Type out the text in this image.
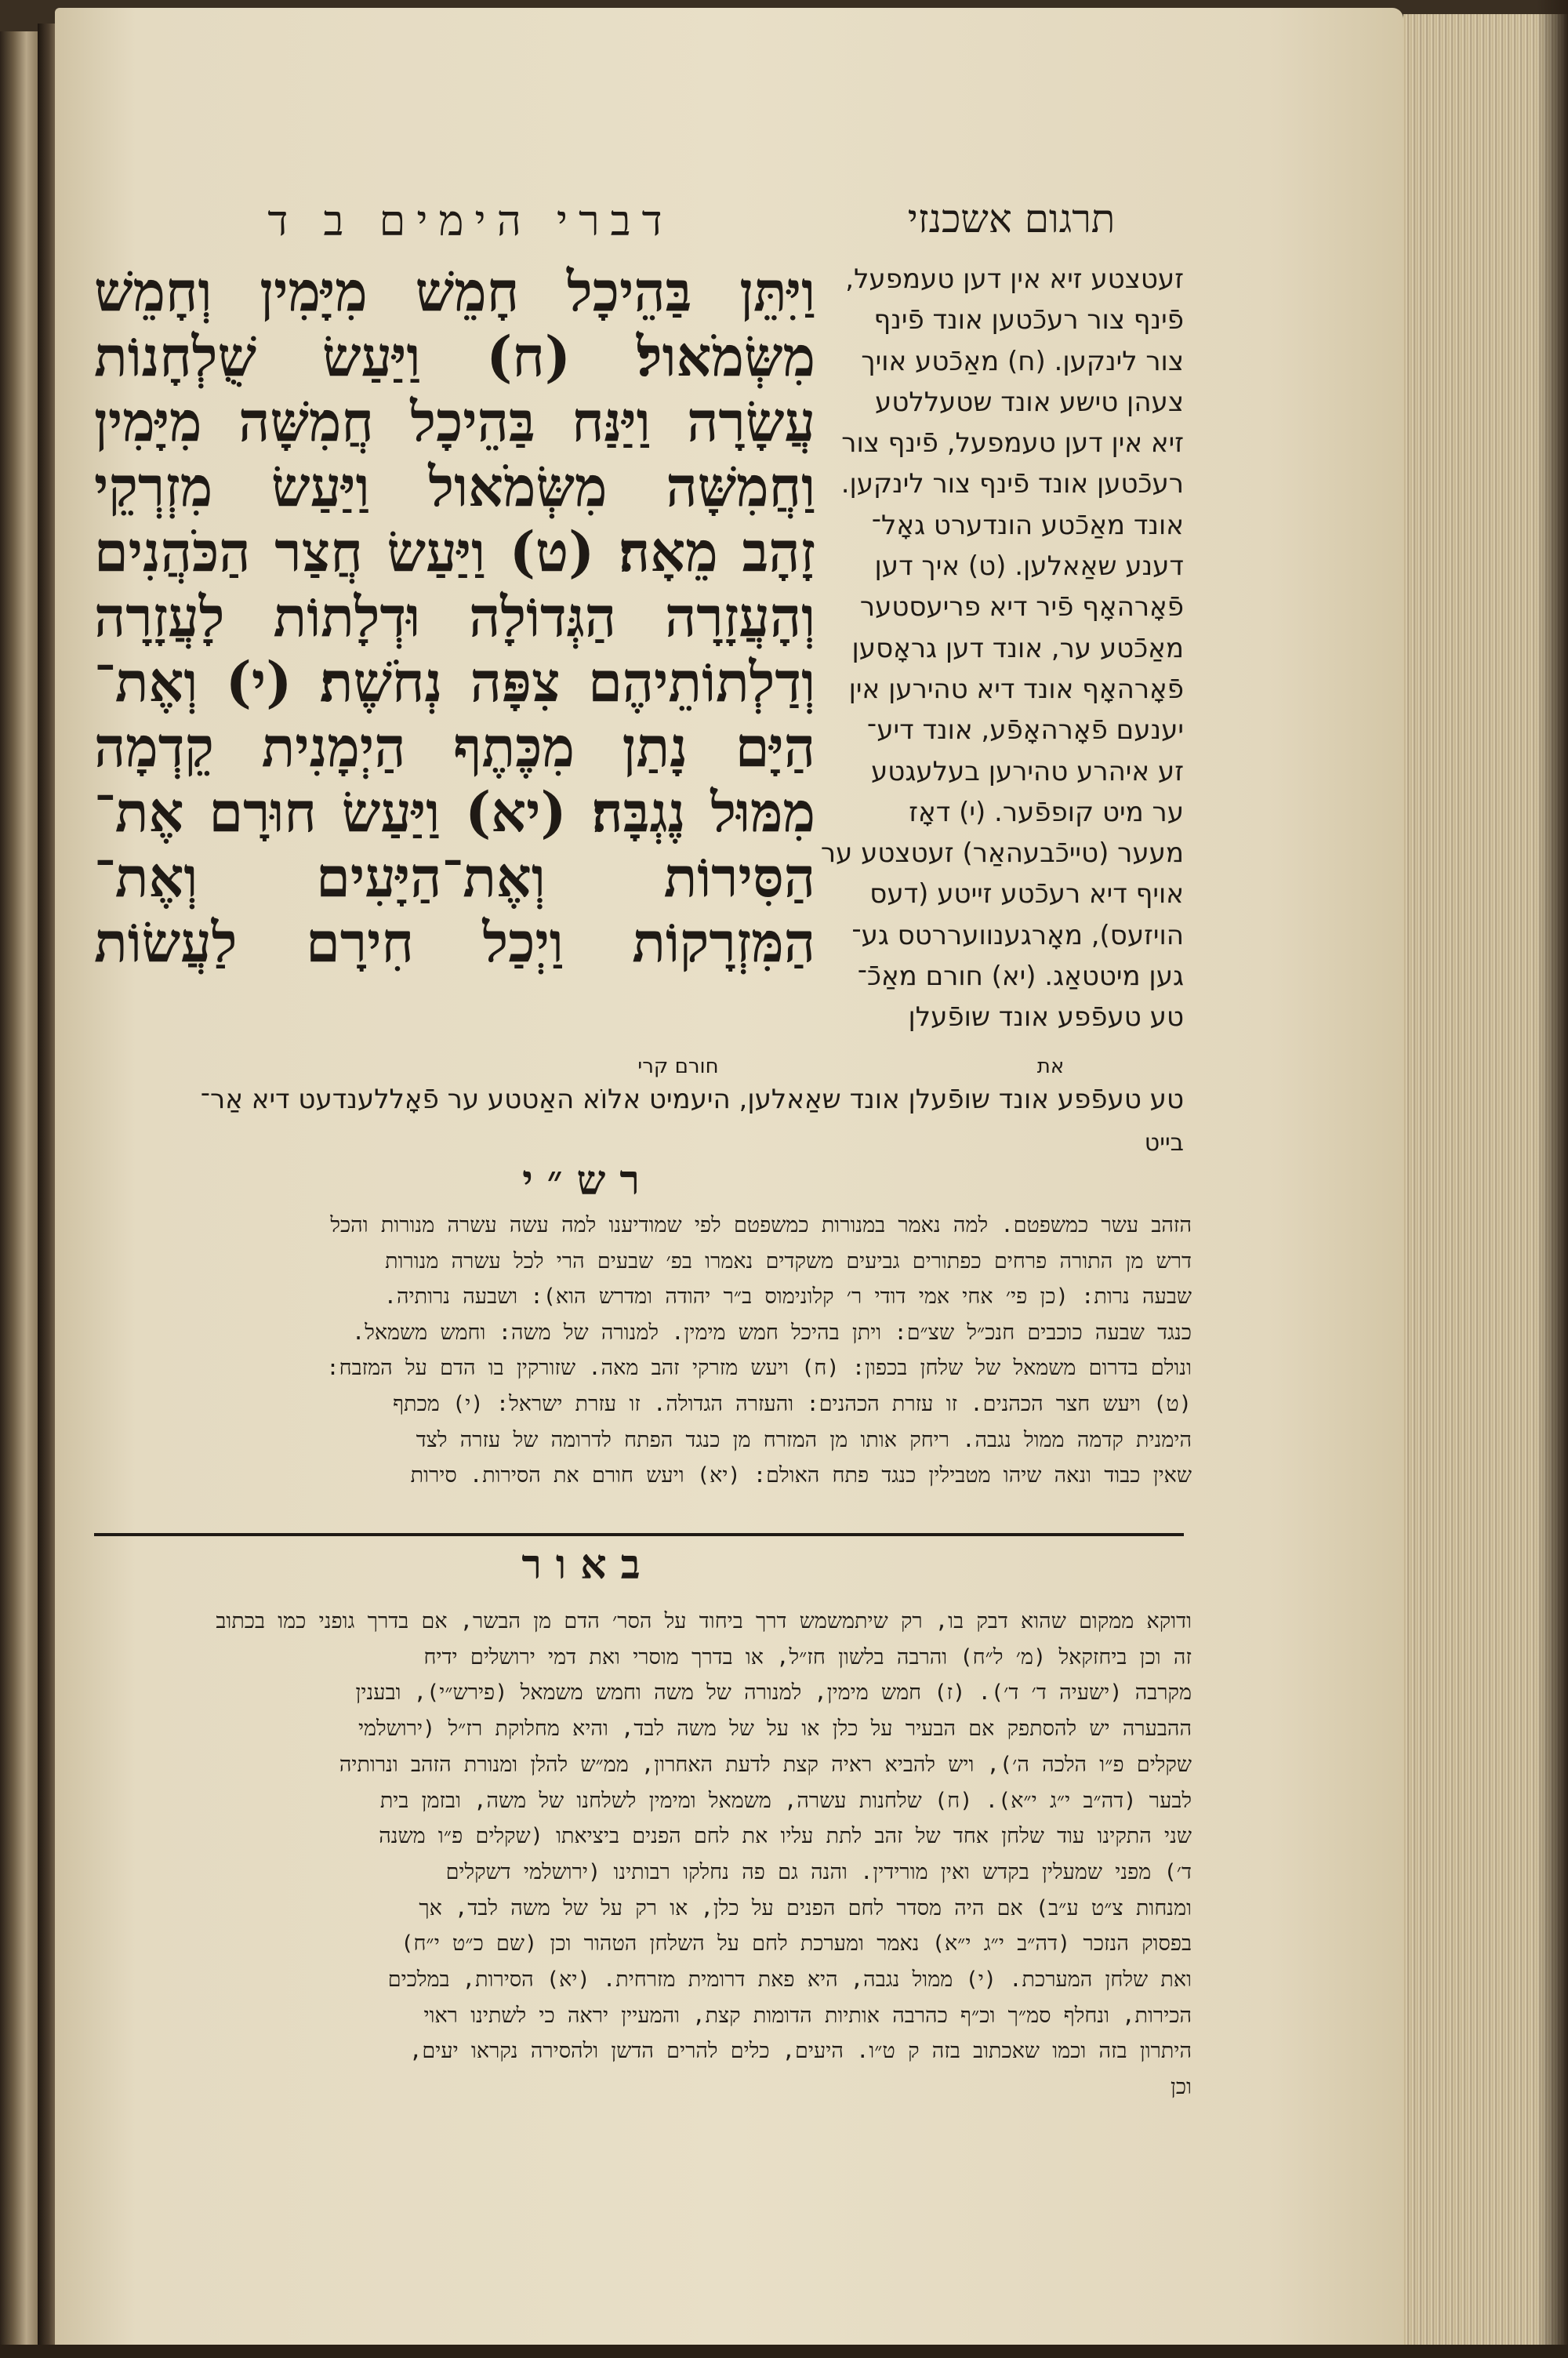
דברי הימים ב ד	תרגום אשכנזי
וַיִּתֵּן בַּהֵיכָל חָמֵשׁ מִיָּמִין וְחָמֵשׁ
מִשְּׂמֹאול׃ (ח) וַיַּעַשׂ שֻׁלְחָנוֹת
עֲשָׂרָה וַיַּנַּח בַּהֵיכָל חֲמִשָּׁה מִיָּמִין
וַחֲמִשָּׁה מִשְּׂמֹאול וַיַּעַשׂ מִזְרְקֵי
זָהָב מֵאָה׃ (ט) וַיַּעַשׂ חֲצַר הַכֹּהֲנִים
וְהָעֲזָרָה הַגְּדוֹלָה וּדְלָתוֹת לָעֲזָרָה
וְדַלְתוֹתֵיהֶם צִפָּה נְחֹשֶׁת׃ (י) וְאֶת־
הַיָּם נָתַן מִכֶּתֶף הַיְמָנִית קֵדְמָה
מִמּוּל נֶגְבָּה׃ (יא) וַיַּעַשׂ חוּרָם אֶת־
הַסִּירוֹת וְאֶת־הַיָּעִים וְאֶת־
הַמִּזְרָקוֹת וַיְכַל חִירָם לַעֲשׂוֹת
זעטצטע זיא אין דען טעמפעל,
פֿינף צור רעכֿטען אונד פֿינף
צור לינקען. (ח) מאַכֿטע אויך
צעהן טישע אונד שטעללטע
זיא אין דען טעמפעל, פֿינף צור
רעכֿטען אונד פֿינף צור לינקען.
אונד מאַכֿטע הונדערט גאָל־
דענע שאַאלען. (ט) איך דען
פֿאָרהאָף פֿיר דיא פריעסטער
מאַכֿטע ער, אונד דען גראָסען
פֿאָרהאָף אונד דיא טהירען אין
יענעם פֿאָרהאָפֿע, אונד דיע־
זע איהרע טהירען בעלעגטע
ער מיט קופפֿער. (י) דאָז
מעער (טייכֿבעהאַר) זעטצטע ער
אויף דיא רעכֿטע זייטע (דעס
הויזעס), מאָרגענוועררטס גע־
גען מיטטאַג. (יא) חורם מאַכֿ־
טע טעפֿפע אונד שופֿעלן
חורם קרי	את
טע טעפֿפע אונד שופֿעלן אונד שאַאלען, היעמיט אלוֹא האַטטע ער פֿאָללענדעט דיא אַר־
בייט
רש״י
הזהב עשר כמשפטם. למה נאמר במנורות כמשפטם לפי שמודיענו למה עשה עשרה מנורות והכל
דרש מן התורה פרחים כפתורים גביעים משקדים נאמרו בפ׳ שבעים הרי לכל עשרה מנורות
שבעה נרות: (כן פי׳ אחי אמי דודי ר׳ קלונימוס ב״ר יהודה ומדרש הוא): ושבעה נרותיה.
כנגד שבעה כוכבים חנכ״ל שצ״ם: ויתן בהיכל חמש מימין. למנורה של משה: וחמש משמאל.
ונולם בדרום משמאל של שלחן בכפון: (ח) ויעש מזרקי זהב מאה. שזורקין בו הדם על המזבח:
(ט) ויעש חצר הכהנים. זו עזרת הכהנים: והעזרה הגדולה. זו עזרת ישראל: (י) מכתף
הימנית קדמה ממול נגבה. ריחק אותו מן המזרח מן כנגד הפתח לדרומה של עזרה לצד
שאין כבוד ונאה שיהו מטבילין כנגד פתח האולם: (יא) ויעש חורם את הסירות. סירות
באור
ודוקא ממקום שהוא דבק בו, רק שיתמשמש דרך ביחוד על הסר׳ הדם מן הבשר, אם בדרך גופני כמו בכתוב
זה וכן ביחזקאל (מ׳ ל״ח) והרבה בלשון חז״ל, או בדרך מוסרי ואת דמי ירושלים ידיח
מקרבה (ישעיה ד׳ ד׳). (ז) חמש מימין, למנורה של משה וחמש משמאל (פירש״י), ובענין
ההבערה יש להסתפק אם הבעיר על כלן או על של משה לבד, והיא מחלוקת רז״ל (ירושלמי
שקלים פ״ו הלכה ה׳), ויש להביא ראיה קצת לדעת האחרון, ממ״ש להלן ומנורת הזהב ונרותיה
לבער (דה״ב י״ג י״א). (ח) שלחנות עשרה, משמאל ומימין לשלחנו של משה, ובזמן בית
שני התקינו עוד שלחן אחד של זהב לתת עליו את לחם הפנים ביציאתו (שקלים פ״ו משנה
ד׳) מפני שמעלין בקדש ואין מורידין. והנה גם פה נחלקו רבותינו (ירושלמי דשקלים
ומנחות צ״ט ע״ב) אם היה מסדר לחם הפנים על כלן, או רק על של משה לבד, אך
בפסוק הנזכר (דה״ב י״ג י״א) נאמר ומערכת לחם על השלחן הטהור וכן (שם כ״ט י״ח)
ואת שלחן המערכת. (י) ממול נגבה, היא פאת דרומית מזרחית. (יא) הסירות, במלכים
הכירות, ונחלף סמ״ך וכ״ף כהרבה אותיות הדומות קצת, והמעיין יראה כי לשתינו ראוי
היתרון בזה וכמו שאכתוב בזה ק ט״ו. היעים, כלים להרים הדשן ולהסירה נקראו יעים,
וכן
